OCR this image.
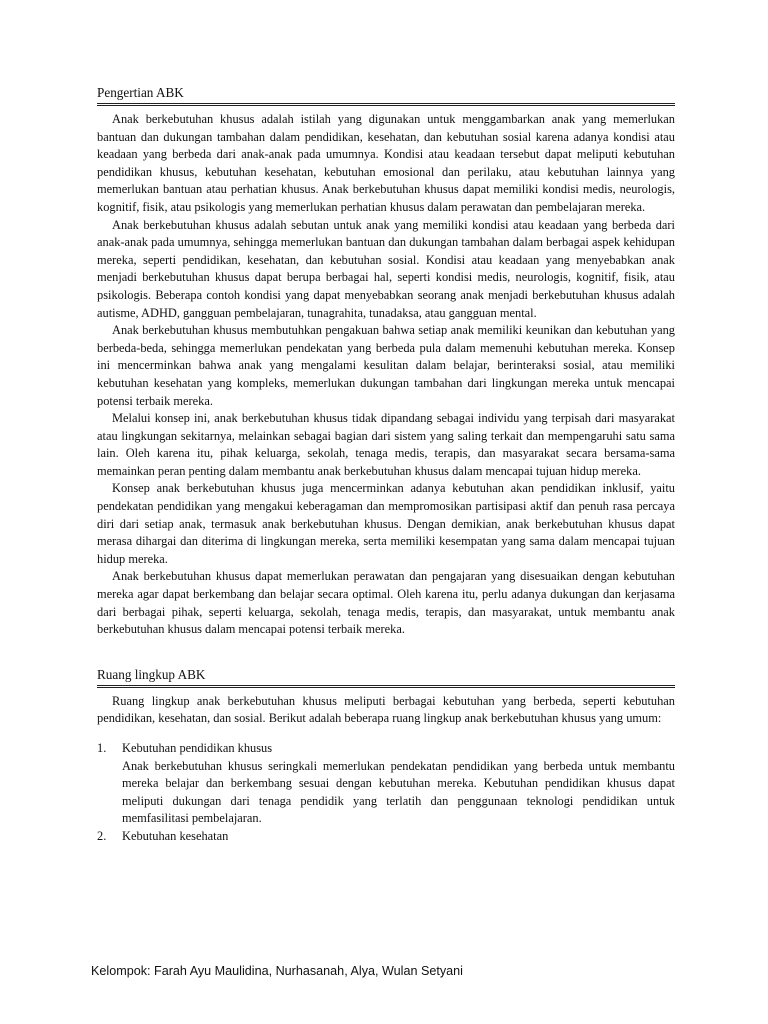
Pengertian ABK

Anak berkebutuhan khusus adalah istilah yang digunakan untuk menggambarkan anak yang memerlukan bantuan dan dukungan tambahan dalam pendidikan, kesehatan, dan kebutuhan sosial karena adanya kondisi atau keadaan yang berbeda dari anak-anak pada umumnya. Kondisi atau keadaan tersebut dapat meliputi kebutuhan pendidikan khusus, kebutuhan kesehatan, kebutuhan emosional dan perilaku, atau kebutuhan lainnya yang memerlukan bantuan atau perhatian khusus. Anak berkebutuhan khusus dapat memiliki kondisi medis, neurologis, kognitif, fisik, atau psikologis yang memerlukan perhatian khusus dalam perawatan dan pembelajaran mereka.

Anak berkebutuhan khusus adalah sebutan untuk anak yang memiliki kondisi atau keadaan yang berbeda dari anak-anak pada umumnya, sehingga memerlukan bantuan dan dukungan tambahan dalam berbagai aspek kehidupan mereka, seperti pendidikan, kesehatan, dan kebutuhan sosial. Kondisi atau keadaan yang menyebabkan anak menjadi berkebutuhan khusus dapat berupa berbagai hal, seperti kondisi medis, neurologis, kognitif, fisik, atau psikologis. Beberapa contoh kondisi yang dapat menyebabkan seorang anak menjadi berkebutuhan khusus adalah autisme, ADHD, gangguan pembelajaran, tunagrahita, tunadaksa, atau gangguan mental.

Anak berkebutuhan khusus membutuhkan pengakuan bahwa setiap anak memiliki keunikan dan kebutuhan yang berbeda-beda, sehingga memerlukan pendekatan yang berbeda pula dalam memenuhi kebutuhan mereka. Konsep ini mencerminkan bahwa anak yang mengalami kesulitan dalam belajar, berinteraksi sosial, atau memiliki kebutuhan kesehatan yang kompleks, memerlukan dukungan tambahan dari lingkungan mereka untuk mencapai potensi terbaik mereka.

Melalui konsep ini, anak berkebutuhan khusus tidak dipandang sebagai individu yang terpisah dari masyarakat atau lingkungan sekitarnya, melainkan sebagai bagian dari sistem yang saling terkait dan mempengaruhi satu sama lain. Oleh karena itu, pihak keluarga, sekolah, tenaga medis, terapis, dan masyarakat secara bersama-sama memainkan peran penting dalam membantu anak berkebutuhan khusus dalam mencapai tujuan hidup mereka.

Konsep anak berkebutuhan khusus juga mencerminkan adanya kebutuhan akan pendidikan inklusif, yaitu pendekatan pendidikan yang mengakui keberagaman dan mempromosikan partisipasi aktif dan penuh rasa percaya diri dari setiap anak, termasuk anak berkebutuhan khusus. Dengan demikian, anak berkebutuhan khusus dapat merasa dihargai dan diterima di lingkungan mereka, serta memiliki kesempatan yang sama dalam mencapai tujuan hidup mereka.

Anak berkebutuhan khusus dapat memerlukan perawatan dan pengajaran yang disesuaikan dengan kebutuhan mereka agar dapat berkembang dan belajar secara optimal. Oleh karena itu, perlu adanya dukungan dan kerjasama dari berbagai pihak, seperti keluarga, sekolah, tenaga medis, terapis, dan masyarakat, untuk membantu anak berkebutuhan khusus dalam mencapai potensi terbaik mereka.

Ruang lingkup ABK

Ruang lingkup anak berkebutuhan khusus meliputi berbagai kebutuhan yang berbeda, seperti kebutuhan pendidikan, kesehatan, dan sosial. Berikut adalah beberapa ruang lingkup anak berkebutuhan khusus yang umum:

1. Kebutuhan pendidikan khusus

Anak berkebutuhan khusus seringkali memerlukan pendekatan pendidikan yang berbeda untuk membantu mereka belajar dan berkembang sesuai dengan kebutuhan mereka. Kebutuhan pendidikan khusus dapat meliputi dukungan dari tenaga pendidik yang terlatih dan penggunaan teknologi pendidikan untuk memfasilitasi pembelajaran.

2. Kebutuhan kesehatan
Kelompok: Farah Ayu Maulidina, Nurhasanah, Alya, Wulan Setyani
